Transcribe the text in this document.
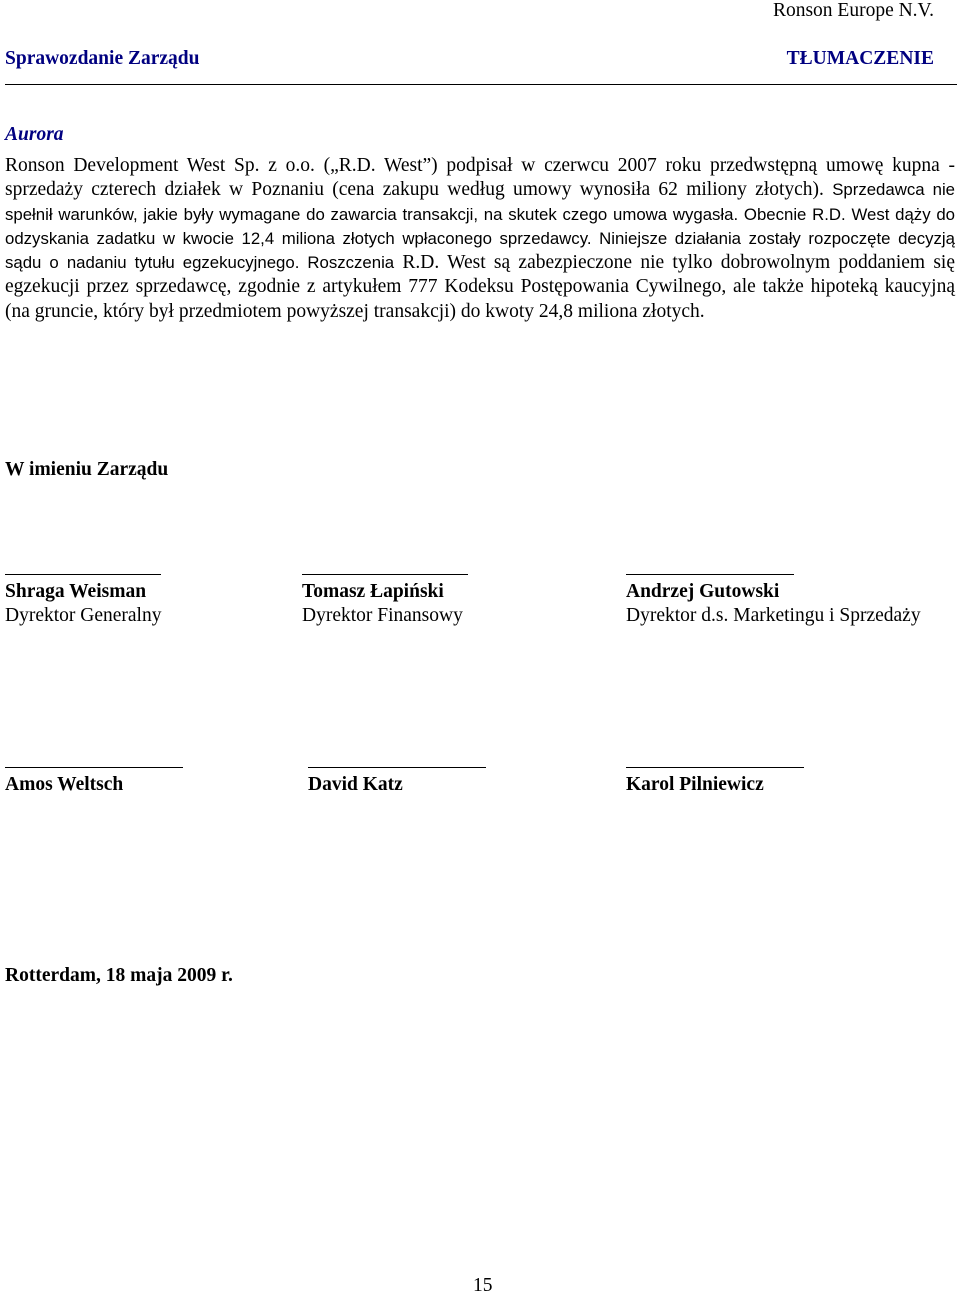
Ronson Europe N.V.
Sprawozdanie Zarządu	TŁUMACZENIE
Aurora
Ronson Development West Sp. z o.o. („R.D. West”) podpisał w czerwcu 2007 roku przedwstępną umowę kupna - sprzedaży czterech działek w Poznaniu (cena zakupu według umowy wynosiła 62 miliony złotych). Sprzedawca nie spełnił warunków, jakie były wymagane do zawarcia transakcji, na skutek czego umowa wygasła. Obecnie R.D. West dąży do odzyskania zadatku w kwocie 12,4 miliona złotych wpłaconego sprzedawcy. Niniejsze działania zostały rozpoczęte decyzją sądu o nadaniu tytułu egzekucyjnego. Roszczenia R.D. West są zabezpieczone nie tylko dobrowolnym poddaniem się egzekucji przez sprzedawcę, zgodnie z artykułem 777 Kodeksu Postępowania Cywilnego, ale także hipoteką kaucyjną (na gruncie, który był przedmiotem powyższej transakcji) do kwoty 24,8 miliona złotych.
W imieniu Zarządu
Shraga Weisman	Tomasz Łapiński	Andrzej Gutowski
Dyrektor Generalny	Dyrektor Finansowy	Dyrektor d.s. Marketingu i Sprzedaży
Amos Weltsch	David Katz	Karol Pilniewicz
Rotterdam, 18 maja 2009 r.
15
